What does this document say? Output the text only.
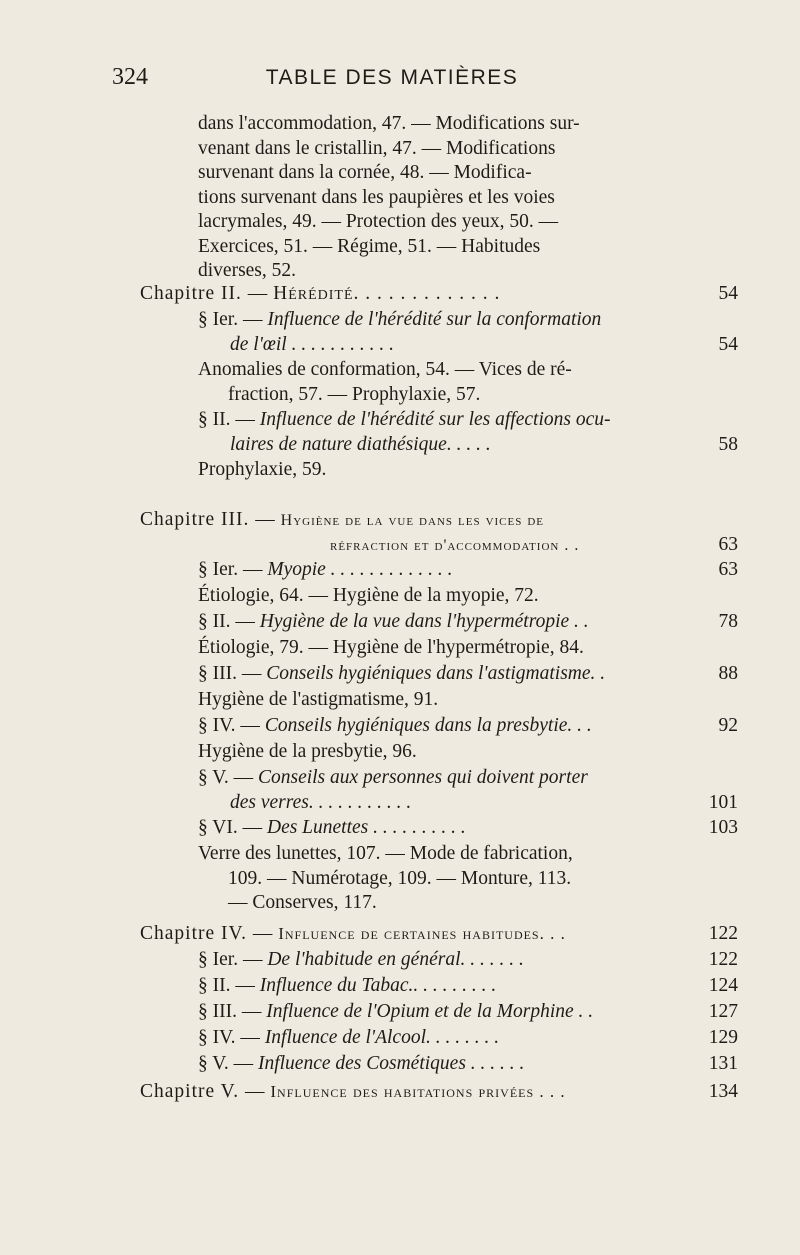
324	TABLE DES MATIÈRES

dans l'accommodation, 47. — Modifications sur-

venant dans le cristallin, 47. — Modifications

survenant dans la cornée, 48. — Modifica-

tions survenant dans les paupières et les voies

lacrymales, 49. — Protection des yeux, 50. —

Exercices, 51. — Régime, 51. — Habitudes

diverses, 52.

Chapitre II. — Hérédité. . . . . . . . . . . . .	54
§ Ier. — Influence de l'hérédité sur la conformation
de l'œil . . . . . . . . . . .	54
Anomalies de conformation, 54. — Vices de ré-
fraction, 57. — Prophylaxie, 57.
§ II. — Influence de l'hérédité sur les affections ocu-
laires de nature diathésique. . . . .	58
Prophylaxie, 59.
Chapitre III. — Hygiène de la vue dans les vices de
réfraction et d'accommodation . .	63
§ Ier. — Myopie . . . . . . . . . . . . .	63
Étiologie, 64. — Hygiène de la myopie, 72.
§ II. — Hygiène de la vue dans l'hypermétropie . .	78
Étiologie, 79. — Hygiène de l'hypermétropie, 84.
§ III. — Conseils hygiéniques dans l'astigmatisme. .	88
Hygiène de l'astigmatisme, 91.
§ IV. — Conseils hygiéniques dans la presbytie. . .	92
Hygiène de la presbytie, 96.
§ V. — Conseils aux personnes qui doivent porter
des verres. . . . . . . . . . .	101
§ VI. — Des Lunettes . . . . . . . . . .	103
Verre des lunettes, 107. — Mode de fabrication,
109. — Numérotage, 109. — Monture, 113.
— Conserves, 117.
Chapitre IV. — Influence de certaines habitudes. . .	122
§ Ier. — De l'habitude en général. . . . . . .	122
§ II. — Influence du Tabac.. . . . . . . . .	124
§ III. — Influence de l'Opium et de la Morphine . .	127
§ IV. — Influence de l'Alcool. . . . . . . .	129
§ V. — Influence des Cosmétiques . . . . . .	131
Chapitre V. — Influence des habitations privées . . .	134
